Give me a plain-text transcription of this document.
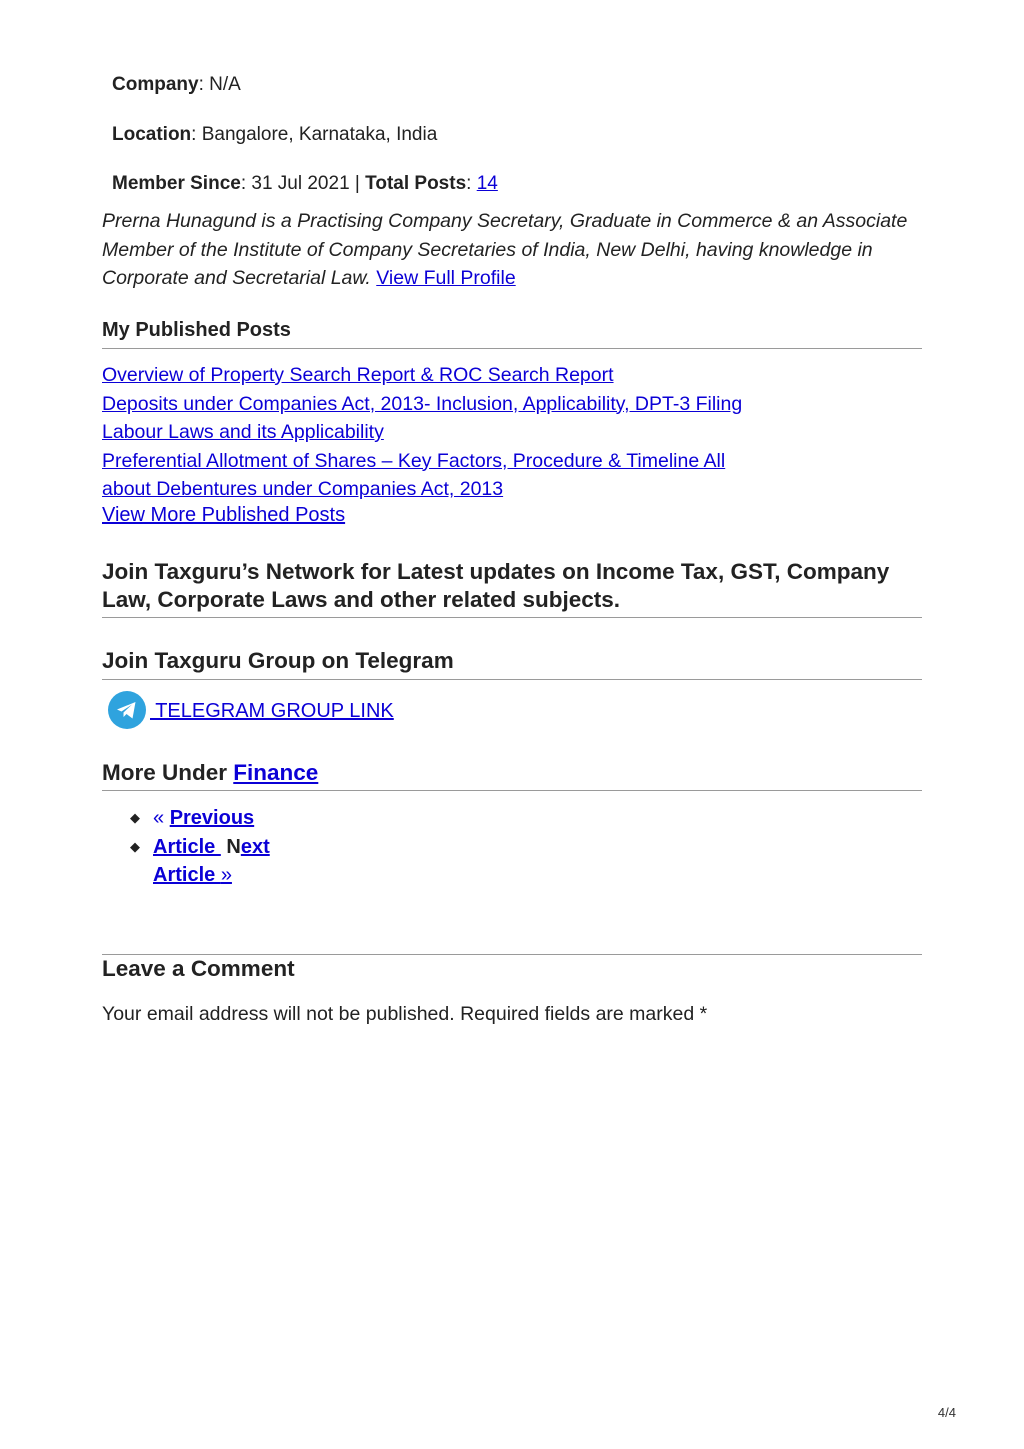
Company: N/A
Location: Bangalore, Karnataka, India
Member Since: 31 Jul 2021 | Total Posts: 14
Prerna Hunagund is a Practising Company Secretary, Graduate in Commerce & an Associate Member of the Institute of Company Secretaries of India, New Delhi, having knowledge in Corporate and Secretarial Law. View Full Profile
My Published Posts
Overview of Property Search Report & ROC Search Report
Deposits under Companies Act, 2013- Inclusion, Applicability, DPT-3 Filing Labour Laws and its Applicability
Preferential Allotment of Shares – Key Factors, Procedure & Timeline All about Debentures under Companies Act, 2013
View More Published Posts
Join Taxguru’s Network for Latest updates on Income Tax, GST, Company Law, Corporate Laws and other related subjects.
Join Taxguru Group on Telegram
TELEGRAM GROUP LINK
More Under Finance
◆ « Previous
◆ Article  Next
Article »
Leave a Comment
Your email address will not be published. Required fields are marked *
4/4
